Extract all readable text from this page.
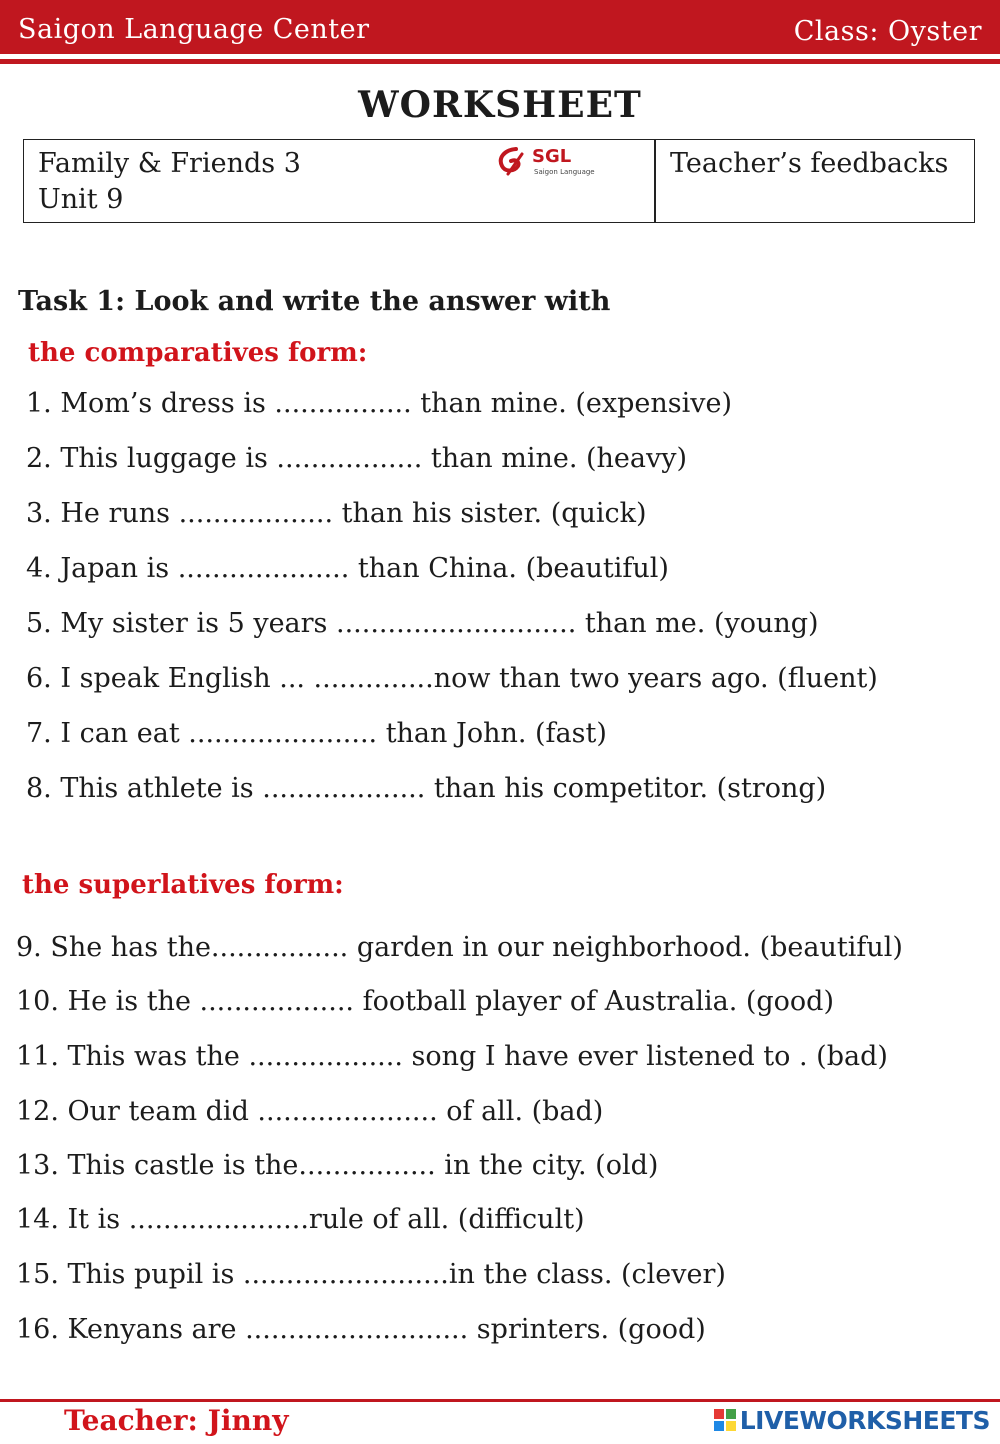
Saigon Language Center	Class: Oyster
WORKSHEET
Family & Friends 3
Unit 9
SGL
Saigon Language	Teacher’s feedbacks
Task 1: Look and write the answer with
the comparatives form:
1. Mom’s dress is ................ than mine. (expensive)
2. This luggage is ................. than mine. (heavy)
3. He runs .................. than his sister. (quick)
4. Japan is .................... than China. (beautiful)
5. My sister is 5 years ............................ than me. (young)
6. I speak English ... ..............now than two years ago. (fluent)
7. I can eat ...................... than John. (fast)
8. This athlete is ................... than his competitor. (strong)
the superlatives form:
9. She has the................ garden in our neighborhood. (beautiful)
10. He is the .................. football player of Australia. (good)
11. This was the .................. song I have ever listened to . (bad)
12. Our team did ..................... of all. (bad)
13. This castle is the................ in the city. (old)
14. It is .....................rule of all. (difficult)
15. This pupil is ........................in the class. (clever)
16. Kenyans are .......................... sprinters. (good)
Teacher: Jinny	LIVEWORKSHEETS
